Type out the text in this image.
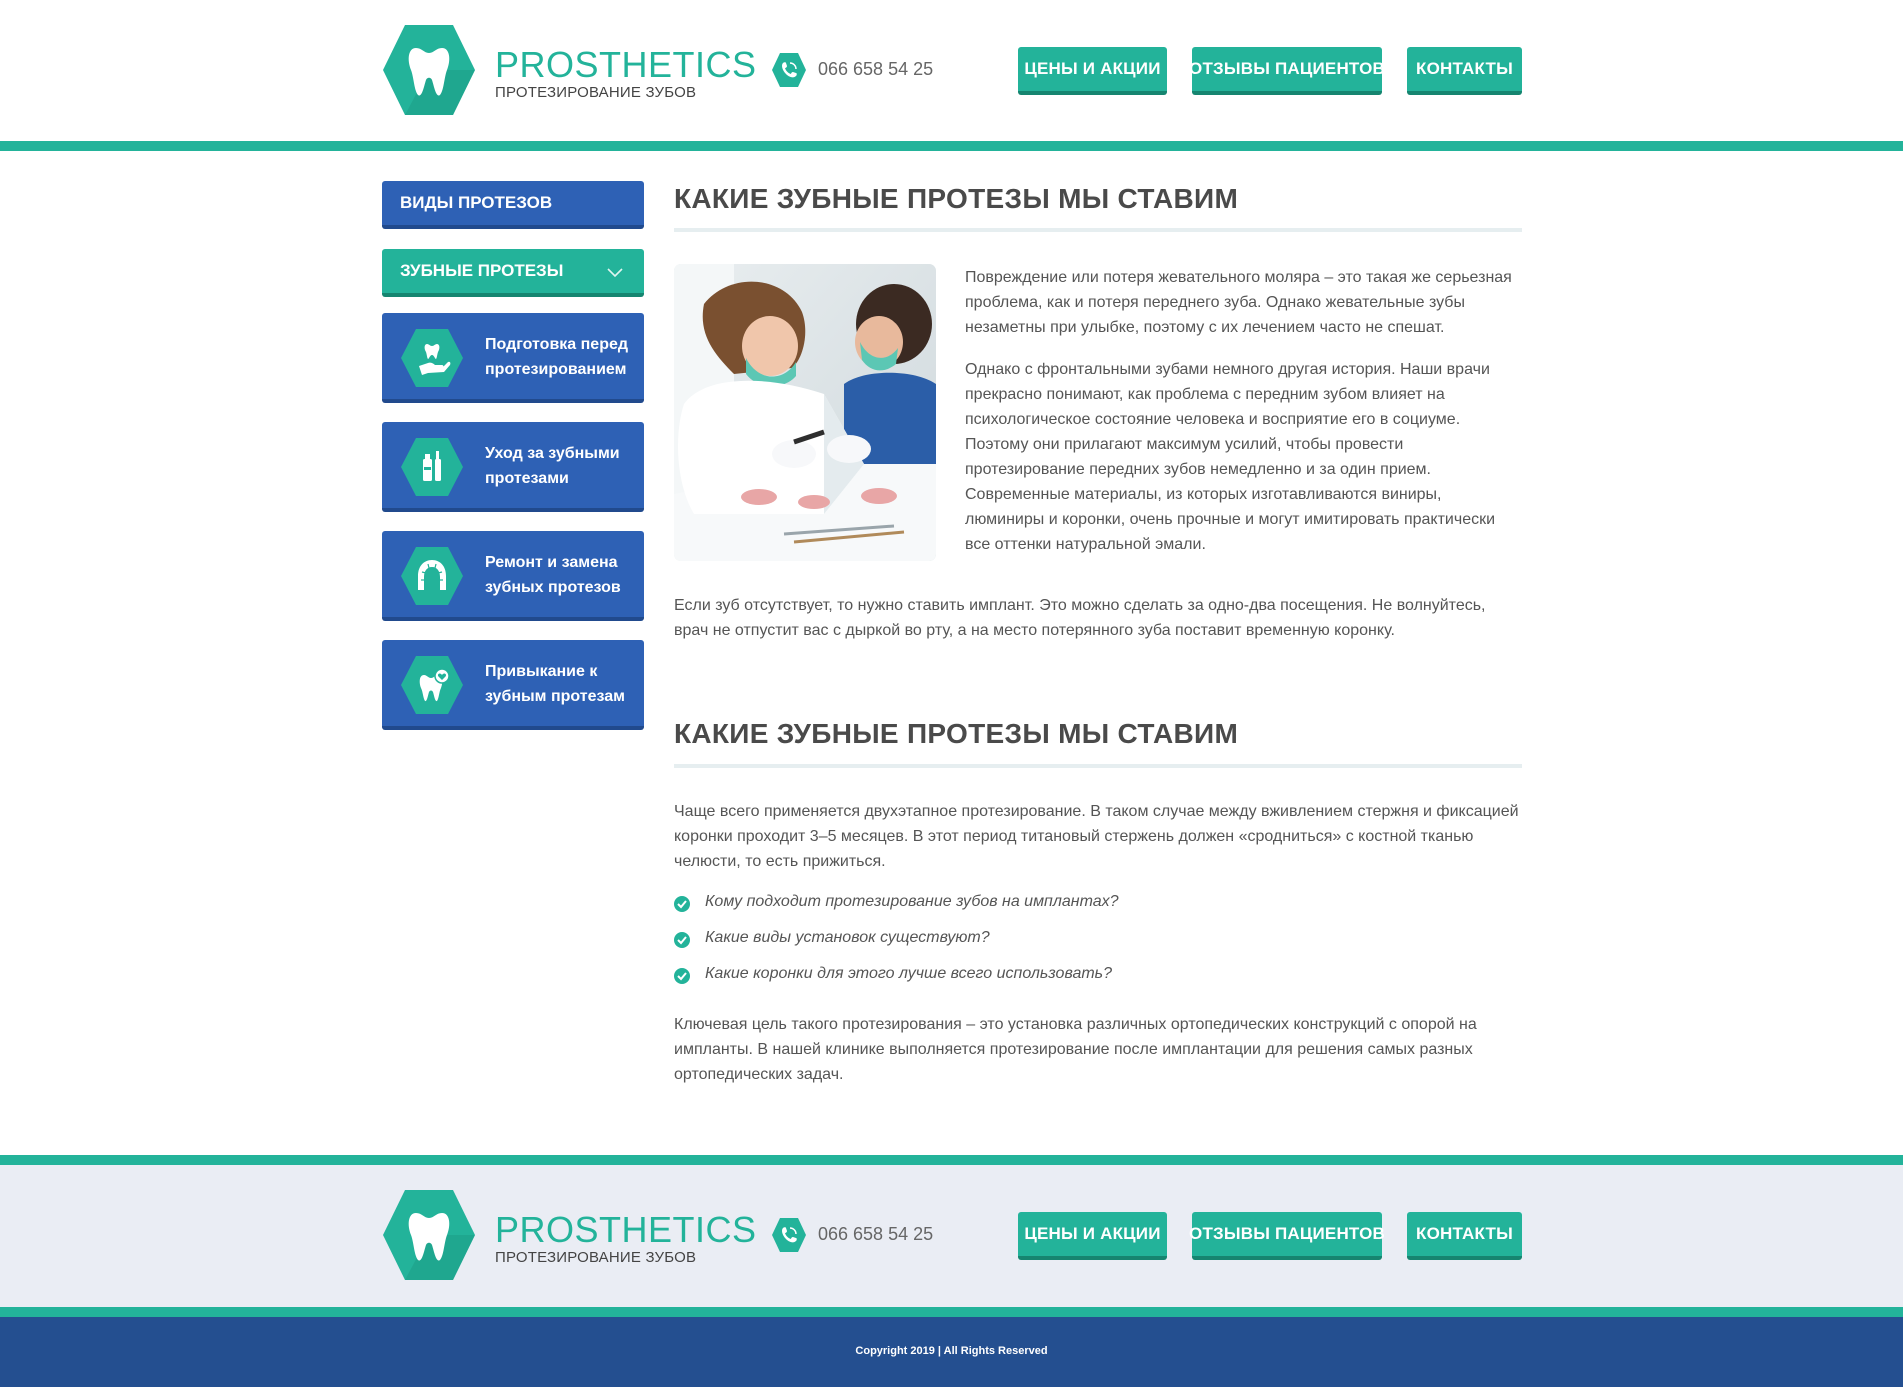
PROSTHETICS
ПРОТЕЗИРОВАНИЕ ЗУБОВ
066 658 54 25	ЦЕНЫ И АКЦИИ	ОТЗЫВЫ ПАЦИЕНТОВ	КОНТАКТЫ
ВИДЫ ПРОТЕЗОВ
ЗУБНЫЕ ПРОТЕЗЫ
Подготовка перед
протезированием
Уход за зубными
протезами
Ремонт и замена
зубных протезов
Привыкание к
зубным протезам
КАКИЕ ЗУБНЫЕ ПРОТЕЗЫ МЫ СТАВИМ
Повреждение или потеря жевательного моляра – это такая же серьезная проблема, как и потеря переднего зуба. Однако жевательные зубы незаметны при улыбке, поэтому с их лечением часто не спешат.
Однако с фронтальными зубами немного другая история. Наши врачи прекрасно понимают, как проблема с передним зубом влияет на психологическое состояние человека и восприятие его в социуме. Поэтому они прилагают максимум усилий, чтобы провести протезирование передних зубов немедленно и за один прием. Современные материалы, из которых изготавливаются виниры, люминиры и коронки, очень прочные и могут имитировать практически все оттенки натуральной эмали.
Если зуб отсутствует, то нужно ставить имплант. Это можно сделать за одно-два посещения. Не волнуйтесь, врач не отпустит вас с дыркой во рту, а на место потерянного зуба поставит временную коронку.
КАКИЕ ЗУБНЫЕ ПРОТЕЗЫ МЫ СТАВИМ
Чаще всего применяется двухэтапное протезирование. В таком случае между вживлением стержня и фиксацией коронки проходит 3–5 месяцев. В этот период титановый стержень должен «сродниться» с костной тканью челюсти, то есть прижиться.
Кому подходит протезирование зубов на имплантах?
Какие виды установок существуют?
Какие коронки для этого лучше всего использовать?
Ключевая цель такого протезирования – это установка различных ортопедических конструкций с опорой на импланты. В нашей клинике выполняется протезирование после имплантации для решения самых разных ортопедических задач.
PROSTHETICS
ПРОТЕЗИРОВАНИЕ ЗУБОВ
066 658 54 25	ЦЕНЫ И АКЦИИ	ОТЗЫВЫ ПАЦИЕНТОВ	КОНТАКТЫ
Copyright 2019 | All Rights Reserved
